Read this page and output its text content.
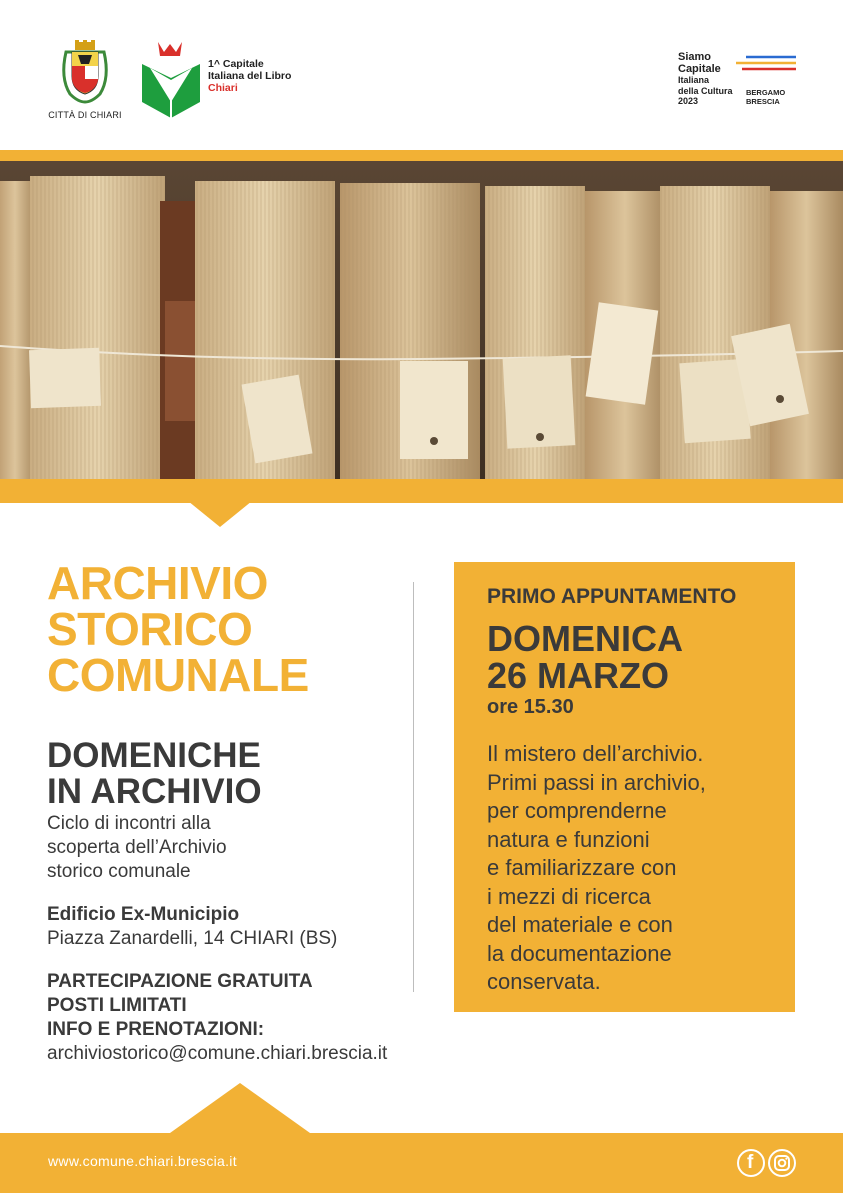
CITTÀ DI CHIARI
1^ Capitale
Italiana del Libro
Chiari
Siamo
Capitale
Italiana
della Cultura
2023
BERGAMO
BRESCIA
ARCHIVIO
STORICO
COMUNALE
DOMENICHE
IN ARCHIVIO
Ciclo di incontri alla
scoperta dell’Archivio
storico comunale
Edificio Ex-Municipio
Piazza Zanardelli, 14 CHIARI (BS)
PARTECIPAZIONE GRATUITA
POSTI LIMITATI
INFO E PRENOTAZIONI:
archiviostorico@comune.chiari.brescia.it
PRIMO APPUNTAMENTO
DOMENICA
26 MARZO
ore 15.30
Il mistero dell’archivio.
Primi passi in archivio,
per comprenderne
natura e funzioni
e familiarizzare con
i mezzi di ricerca
del materiale e con
la documentazione
conservata.
www.comune.chiari.brescia.it	f
